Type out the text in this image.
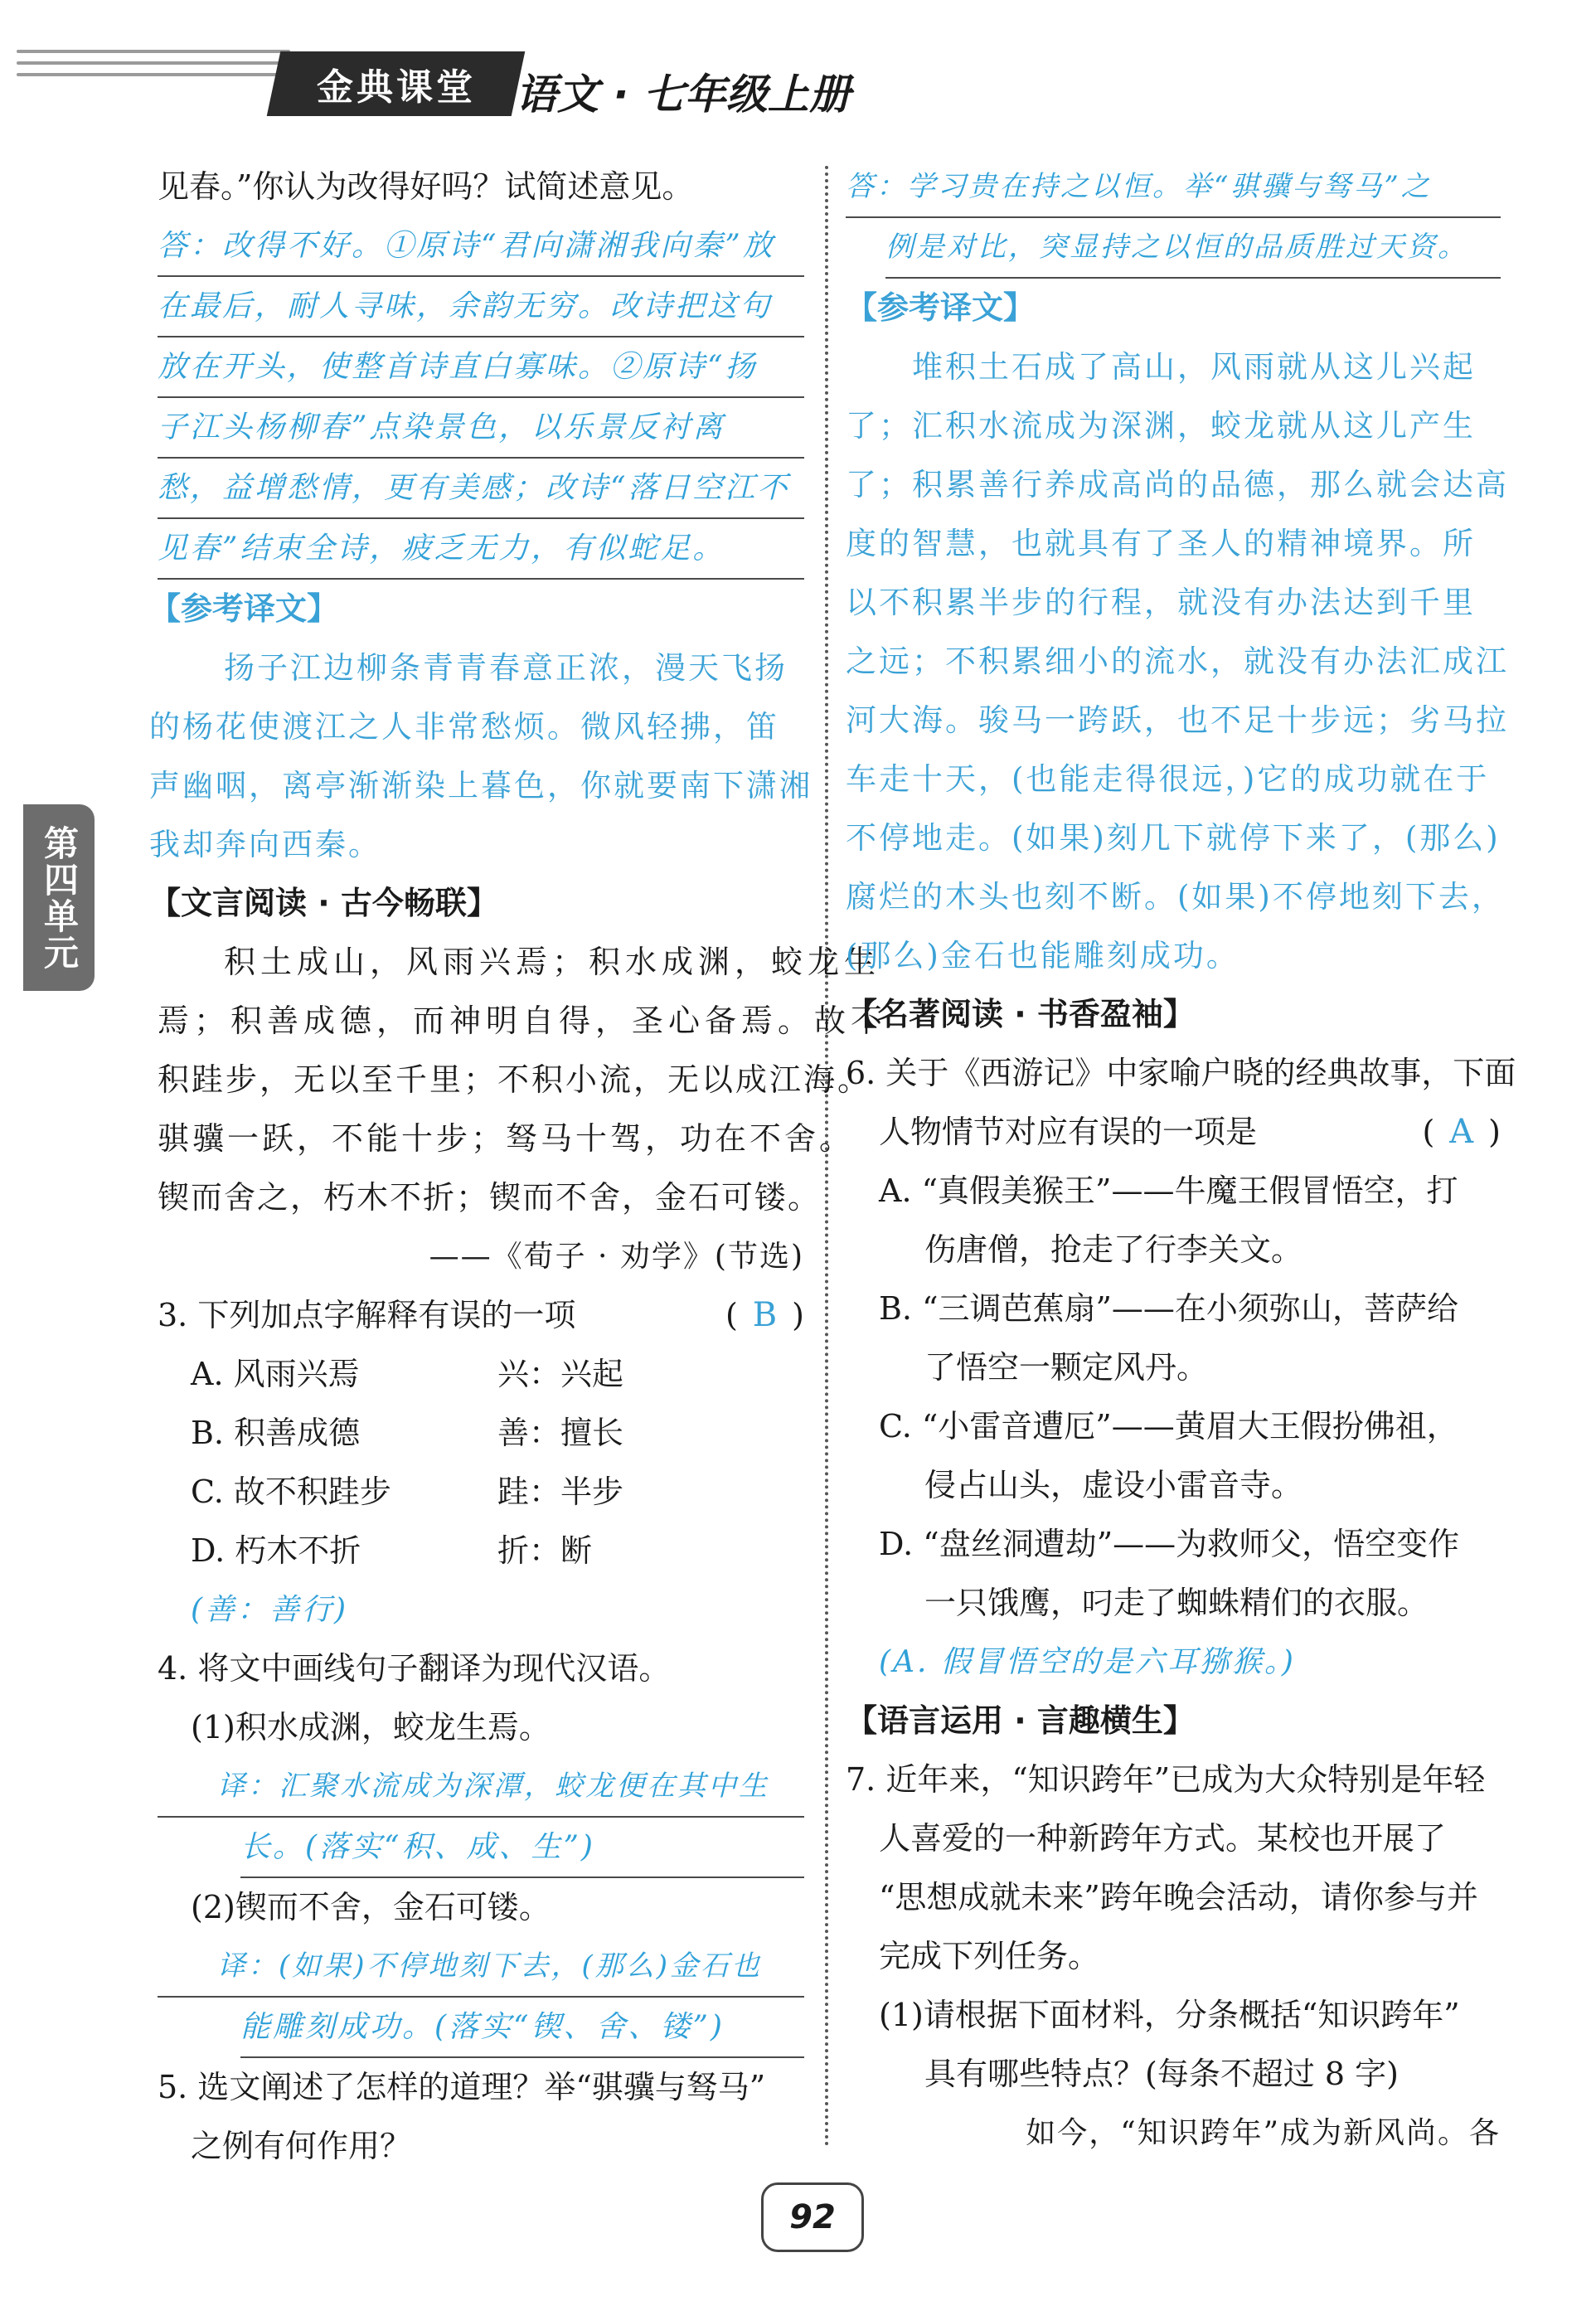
金典课堂 语文 · 七年级上册
第四单元
见春。”你认为改得好吗？试简述意见。
答：改得不好。①原诗“君向潇湘我向秦”放
在最后，耐人寻味，余韵无穷。改诗把这句
放在开头，使整首诗直白寡味。②原诗“扬
子江头杨柳春”点染景色，以乐景反衬离
愁，益增愁情，更有美感；改诗“落日空江不
见春”结束全诗，疲乏无力，有似蛇足。
【参考译文】
扬子江边柳条青青春意正浓，漫天飞扬
的杨花使渡江之人非常愁烦。微风轻拂，笛
声幽咽，离亭渐渐染上暮色，你就要南下潇湘
我却奔向西秦。
【文言阅读 · 古今畅联】
积土成山，风雨兴焉；积水成渊，蛟龙生
焉；积善成德，而神明自得，圣心备焉。故不
积跬步，无以至千里；不积小流，无以成江海。
骐骥一跃，不能十步；驽马十驾，功在不舍。
锲而舍之，朽木不折；锲而不舍，金石可镂。
——《荀子 · 劝学》(节选)
3. 下列加点字解释有误的一项	( B )
A. 风雨兴焉	兴：兴起
B. 积善成德	善：擅长
C. 故不积跬步	跬：半步
D. 朽木不折	折：断
(善：善行)
4. 将文中画线句子翻译为现代汉语。
(1)积水成渊，蛟龙生焉。
译：汇聚水流成为深潭，蛟龙便在其中生
长。(落实“积、成、生”)
(2)锲而不舍，金石可镂。
译：(如果)不停地刻下去，(那么)金石也
能雕刻成功。(落实“锲、舍、镂”)
5. 选文阐述了怎样的道理？举“骐骥与驽马”
之例有何作用？
答：学习贵在持之以恒。举“骐骥与驽马”之
例是对比，突显持之以恒的品质胜过天资。
【参考译文】
堆积土石成了高山，风雨就从这儿兴起
了；汇积水流成为深渊，蛟龙就从这儿产生
了；积累善行养成高尚的品德，那么就会达高
度的智慧，也就具有了圣人的精神境界。所
以不积累半步的行程，就没有办法达到千里
之远；不积累细小的流水，就没有办法汇成江
河大海。骏马一跨跃，也不足十步远；劣马拉
车走十天，(也能走得很远，)它的成功就在于
不停地走。(如果)刻几下就停下来了，(那么)
腐烂的木头也刻不断。(如果)不停地刻下去，
(那么)金石也能雕刻成功。
【名著阅读 · 书香盈袖】
6. 关于《西游记》中家喻户晓的经典故事，下面
人物情节对应有误的一项是	( A )
A. “真假美猴王”——牛魔王假冒悟空，打
伤唐僧，抢走了行李关文。
B. “三调芭蕉扇”——在小须弥山，菩萨给
了悟空一颗定风丹。
C. “小雷音遭厄”——黄眉大王假扮佛祖，
侵占山头，虚设小雷音寺。
D. “盘丝洞遭劫”——为救师父，悟空变作
一只饿鹰，叼走了蜘蛛精们的衣服。
(A. 假冒悟空的是六耳猕猴。)
【语言运用 · 言趣横生】
7. 近年来，“知识跨年”已成为大众特别是年轻
人喜爱的一种新跨年方式。某校也开展了
“思想成就未来”跨年晚会活动，请你参与并
完成下列任务。
(1)请根据下面材料，分条概括“知识跨年”
具有哪些特点？(每条不超过 8 字)
如今，“知识跨年”成为新风尚。各
92
